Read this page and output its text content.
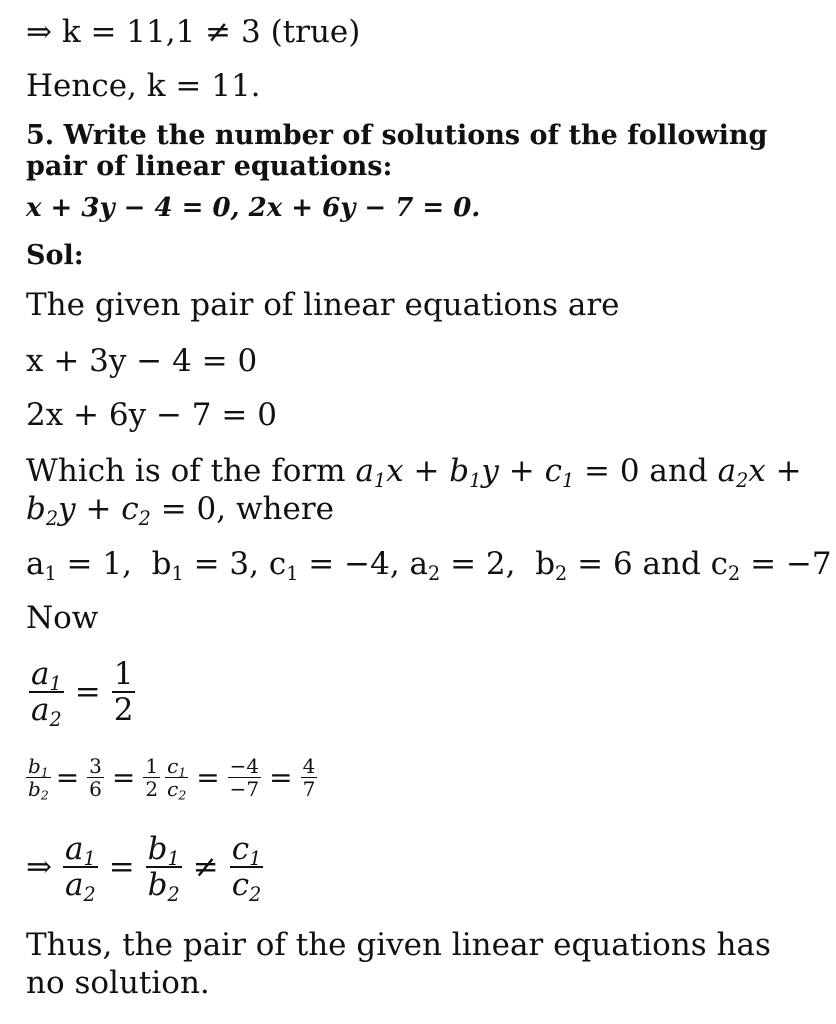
⇒ k = 11,1 ≠ 3 (true)
Hence, k = 11.
5. Write the number of solutions of the following pair of linear equations:
x + 3y − 4 = 0, 2x + 6y − 7 = 0.
Sol:
The given pair of linear equations are
x + 3y − 4 = 0
2x + 6y − 7 = 0
Which is of the form $a_1x + b_1y + c_1 = 0$ and $a_2x + b_2y + c_2 = 0$, where
$a_1 = 1$,  $b_1 = 3$, $c_1 = -4$, $a_2 = 2$,  $b_2 = 6$ and $c_2 = -7$
Now
$\frac{a_1}{a_2} = \frac{1}{2}$
$\frac{b_1}{b_2} = \frac{3}{6} = \frac{1}{2} \frac{c_1}{c_2} = \frac{-4}{-7} = \frac{4}{7}$
⇒ $\frac{a_1}{a_2} = \frac{b_1}{b_2} \ne \frac{c_1}{c_2}$
Thus, the pair of the given linear equations has no solution.
